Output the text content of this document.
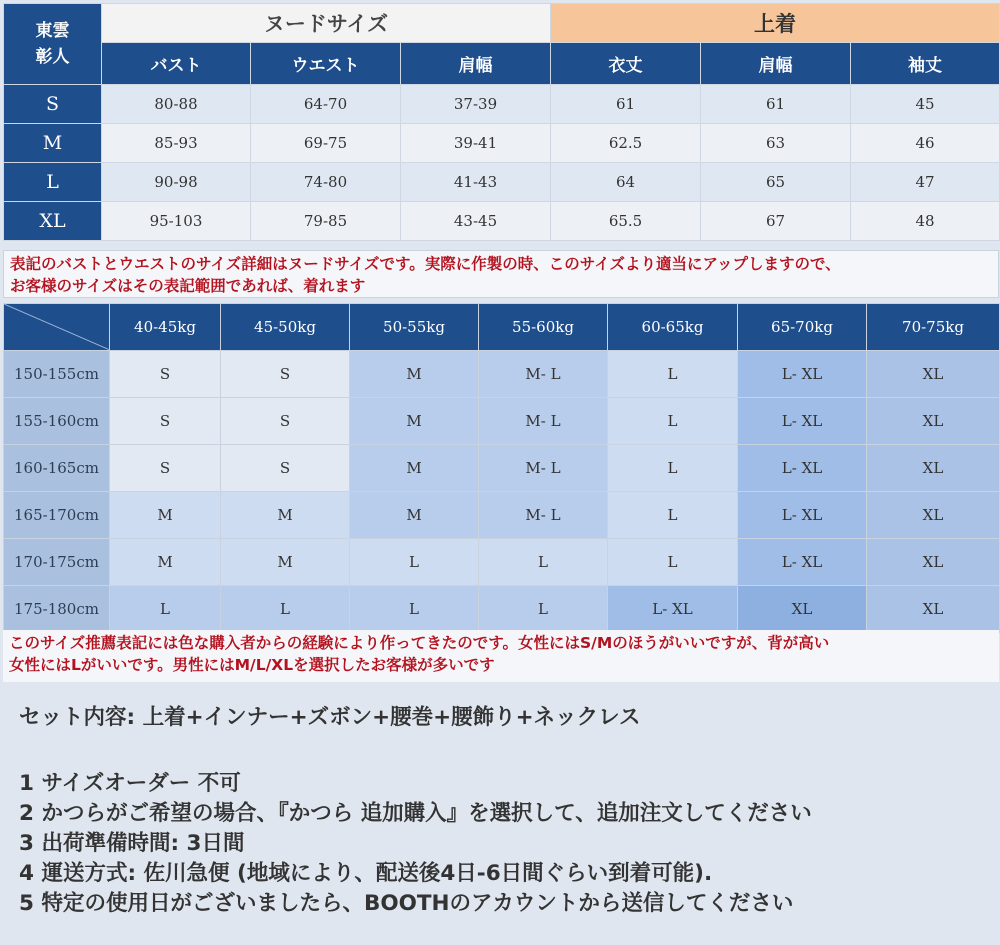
東雲
彰人	ヌードサイズ			上着		
	バスト	ウエスト	肩幅	衣丈	肩幅	袖丈
S	80-88	64-70	37-39	61	61	45
M	85-93	69-75	39-41	62.5	63	46
L	90-98	74-80	41-43	64	65	47
XL	95-103	79-85	43-45	65.5	67	48
表記のバストとウエストのサイズ詳細はヌードサイズです。実際に作製の時、このサイズより適当にアップしますので、
お客様のサイズはその表記範囲であれば、着れます
	40-45kg	45-50kg	50-55kg	55-60kg	60-65kg	65-70kg	70-75kg
150-155cm	S	S	M	M- L	L	L- XL	XL
155-160cm	S	S	M	M- L	L	L- XL	XL
160-165cm	S	S	M	M- L	L	L- XL	XL
165-170cm	M	M	M	M- L	L	L- XL	XL
170-175cm	M	M	L	L	L	L- XL	XL
175-180cm	L	L	L	L	L- XL	XL	XL
このサイズ推薦表記には色な購入者からの経験により作ってきたのです。女性にはS/Mのほうがいいですが、背が高い
女性にはLがいいです。男性にはM/L/XLを選択したお客様が多いです
セット内容: 上着+インナー+ズボン+腰巻+腰飾り+ネックレス
1 サイズオーダー 不可
2 かつらがご希望の場合、『かつら 追加購入』を選択して、追加注文してください
3 出荷準備時間: 3日間
4 運送方式: 佐川急便 (地域により、配送後4日-6日間ぐらい到着可能).
5 特定の使用日がございましたら、BOOTHのアカウントから送信してください
